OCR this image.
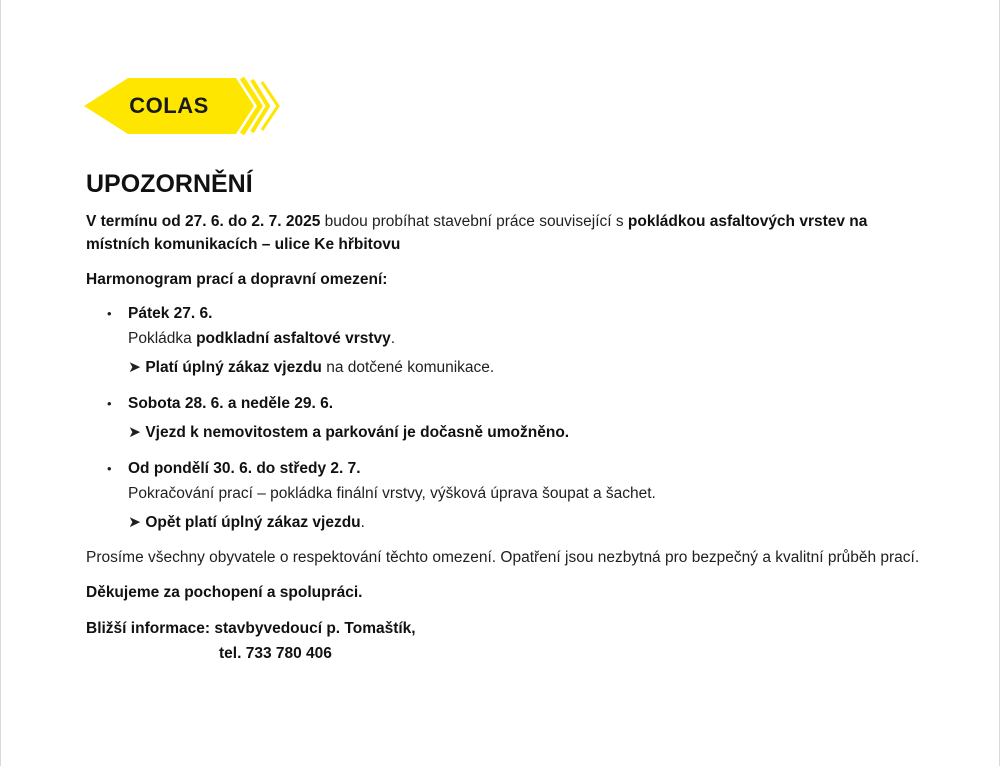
COLAS
UPOZORNĚNÍ

V termínu od 27. 6. do 2. 7. 2025 budou probíhat stavební práce související s pokládkou asfaltových vrstev na místních komunikacích – ulice Ke hřbitovu

Harmonogram prací a dopravní omezení:

• Pátek 27. 6.
Pokládka podkladní asfaltové vrstvy.
➤ Platí úplný zákaz vjezdu na dotčené komunikace.
• Sobota 28. 6. a neděle 29. 6.
➤ Vjezd k nemovitostem a parkování je dočasně umožněno.
• Od pondělí 30. 6. do středy 2. 7.
Pokračování prací – pokládka finální vrstvy, výšková úprava šoupat a šachet.
➤ Opět platí úplný zákaz vjezdu.

Prosíme všechny obyvatele o respektování těchto omezení. Opatření jsou nezbytná pro bezpečný a kvalitní průběh prací.

Děkujeme za pochopení a spolupráci.

Bližší informace: stavbyvedoucí p. Tomaštík,
tel. 733 780 406
